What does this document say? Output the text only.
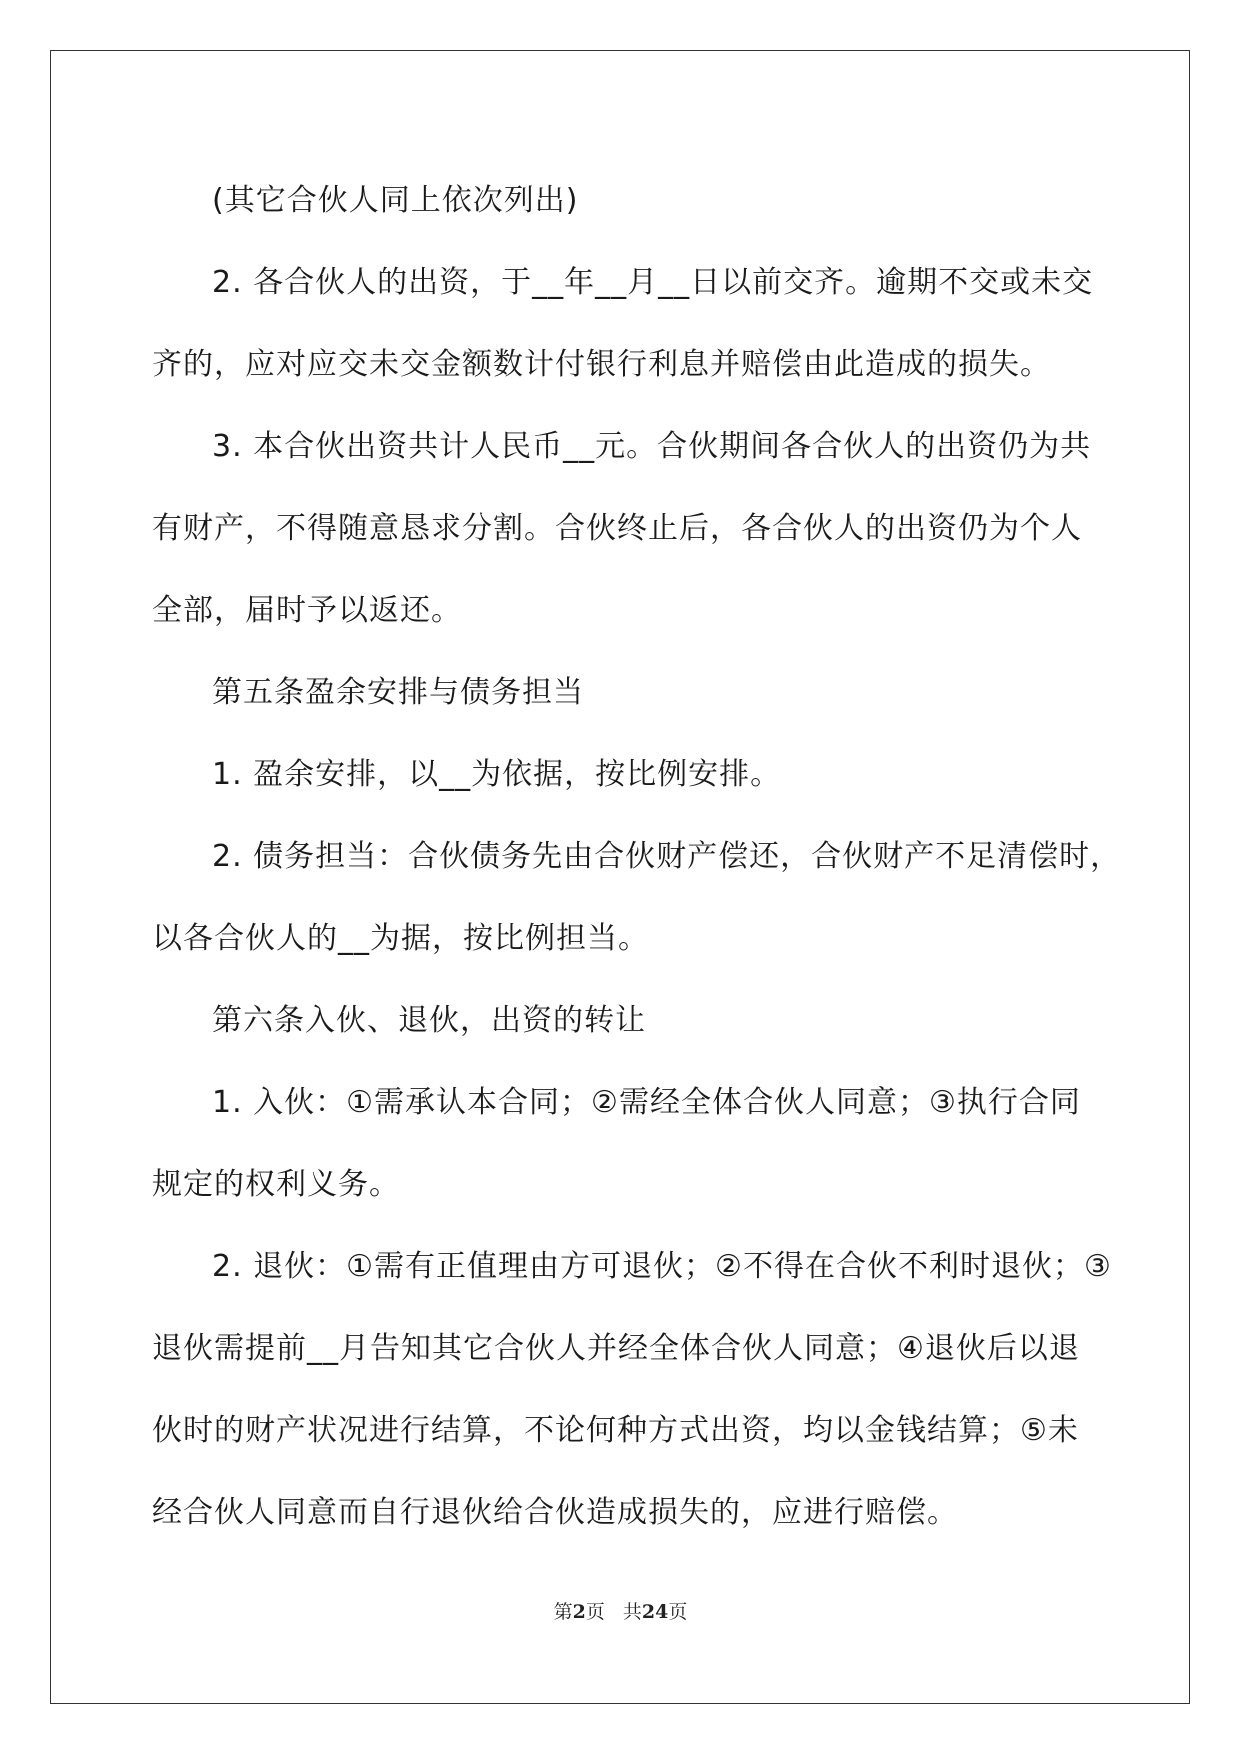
(其它合伙人同上依次列出)

2. 各合伙人的出资，于__年__月__日以前交齐。逾期不交或未交

齐的，应对应交未交金额数计付银行利息并赔偿由此造成的损失。

3. 本合伙出资共计人民币__元。合伙期间各合伙人的出资仍为共

有财产，不得随意恳求分割。合伙终止后，各合伙人的出资仍为个人

全部，届时予以返还。

第五条盈余安排与债务担当

1. 盈余安排，以__为依据，按比例安排。

2. 债务担当：合伙债务先由合伙财产偿还，合伙财产不足清偿时，

以各合伙人的__为据，按比例担当。

第六条入伙、退伙，出资的转让

1. 入伙：①需承认本合同；②需经全体合伙人同意；③执行合同

规定的权利义务。

2. 退伙：①需有正值理由方可退伙；②不得在合伙不利时退伙；③

退伙需提前__月告知其它合伙人并经全体合伙人同意；④退伙后以退

伙时的财产状况进行结算，不论何种方式出资，均以金钱结算；⑤未

经合伙人同意而自行退伙给合伙造成损失的，应进行赔偿。

第2页 共24页
